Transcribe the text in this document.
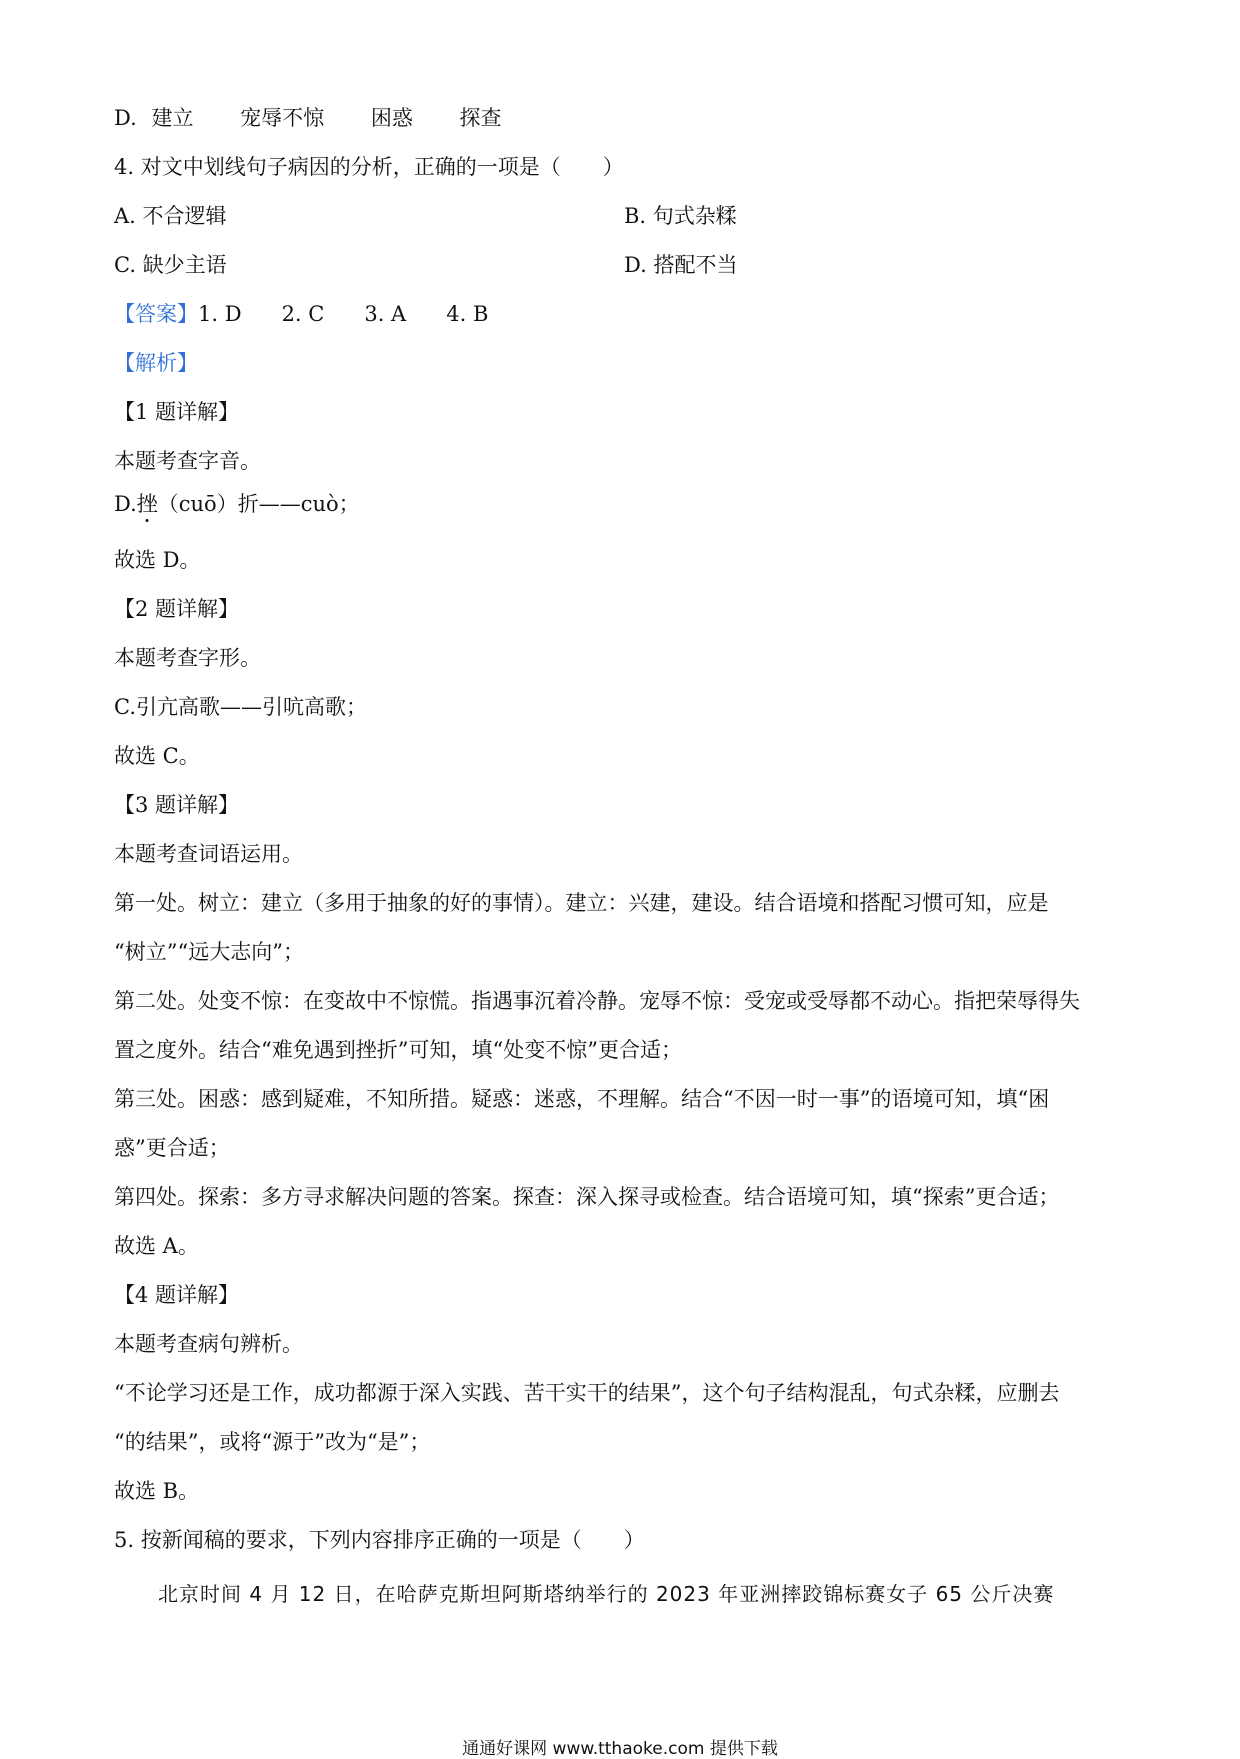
D. 建立 宠辱不惊 困惑 探查
4. 对文中划线句子病因的分析，正确的一项是（　　）
A. 不合逻辑	B. 句式杂糅
C. 缺少主语	D. 搭配不当
【答案】1. D 2. C 3. A 4. B
【解析】
【1 题详解】
本题考查字音。
D.挫（cuō）折——cuò；
故选 D。
【2 题详解】
本题考查字形。
C.引亢高歌——引吭高歌；
故选 C。
【3 题详解】
本题考查词语运用。
第一处。树立：建立（多用于抽象的好的事情）。建立：兴建，建设。结合语境和搭配习惯可知，应是
“树立”“远大志向”；
第二处。处变不惊：在变故中不惊慌。指遇事沉着冷静。宠辱不惊：受宠或受辱都不动心。指把荣辱得失
置之度外。结合“难免遇到挫折”可知，填“处变不惊”更合适；
第三处。困惑：感到疑难，不知所措。疑惑：迷惑，不理解。结合“不因一时一事”的语境可知，填“困
惑”更合适；
第四处。探索：多方寻求解决问题的答案。探查：深入探寻或检查。结合语境可知，填“探索”更合适；
故选 A。
【4 题详解】
本题考查病句辨析。
“不论学习还是工作，成功都源于深入实践、苦干实干的结果”，这个句子结构混乱，句式杂糅，应删去
“的结果”，或将“源于”改为“是”；
故选 B。
5. 按新闻稿的要求，下列内容排序正确的一项是（　　）
北京时间 4 月 12 日，在哈萨克斯坦阿斯塔纳举行的 2023 年亚洲摔跤锦标赛女子 65 公斤决赛
通通好课网 www.tthaoke.com 提供下载
